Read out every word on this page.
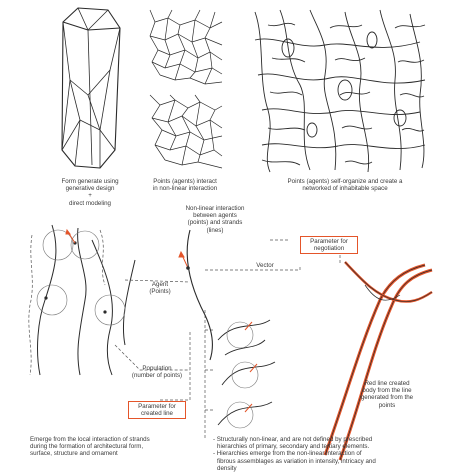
Form generate using
generative design
+
direct modeling
Points (agents) interact
in non-linear interaction
Points (agents) self-organize and create a
networked of inhabitable space
Non-linear interaction
between agents
(points) and strands
(lines)
Parameter for
negotiation
Vector
Agent
(Points)
Population
(number of points)
Parameter for
created line
Red line created
body from the line
generated from the
points
Emerge from the local interaction of strands
during the formation of architectural form,
surface, structure and ornament
- Structurally non-linear, and are not defined by prescribed
hierarchies of primary, secondary and tertiary elements.
- Hierarchies emerge from the non-linear interaction of
fibrous assemblages as variation in intensity, intricacy and
density
